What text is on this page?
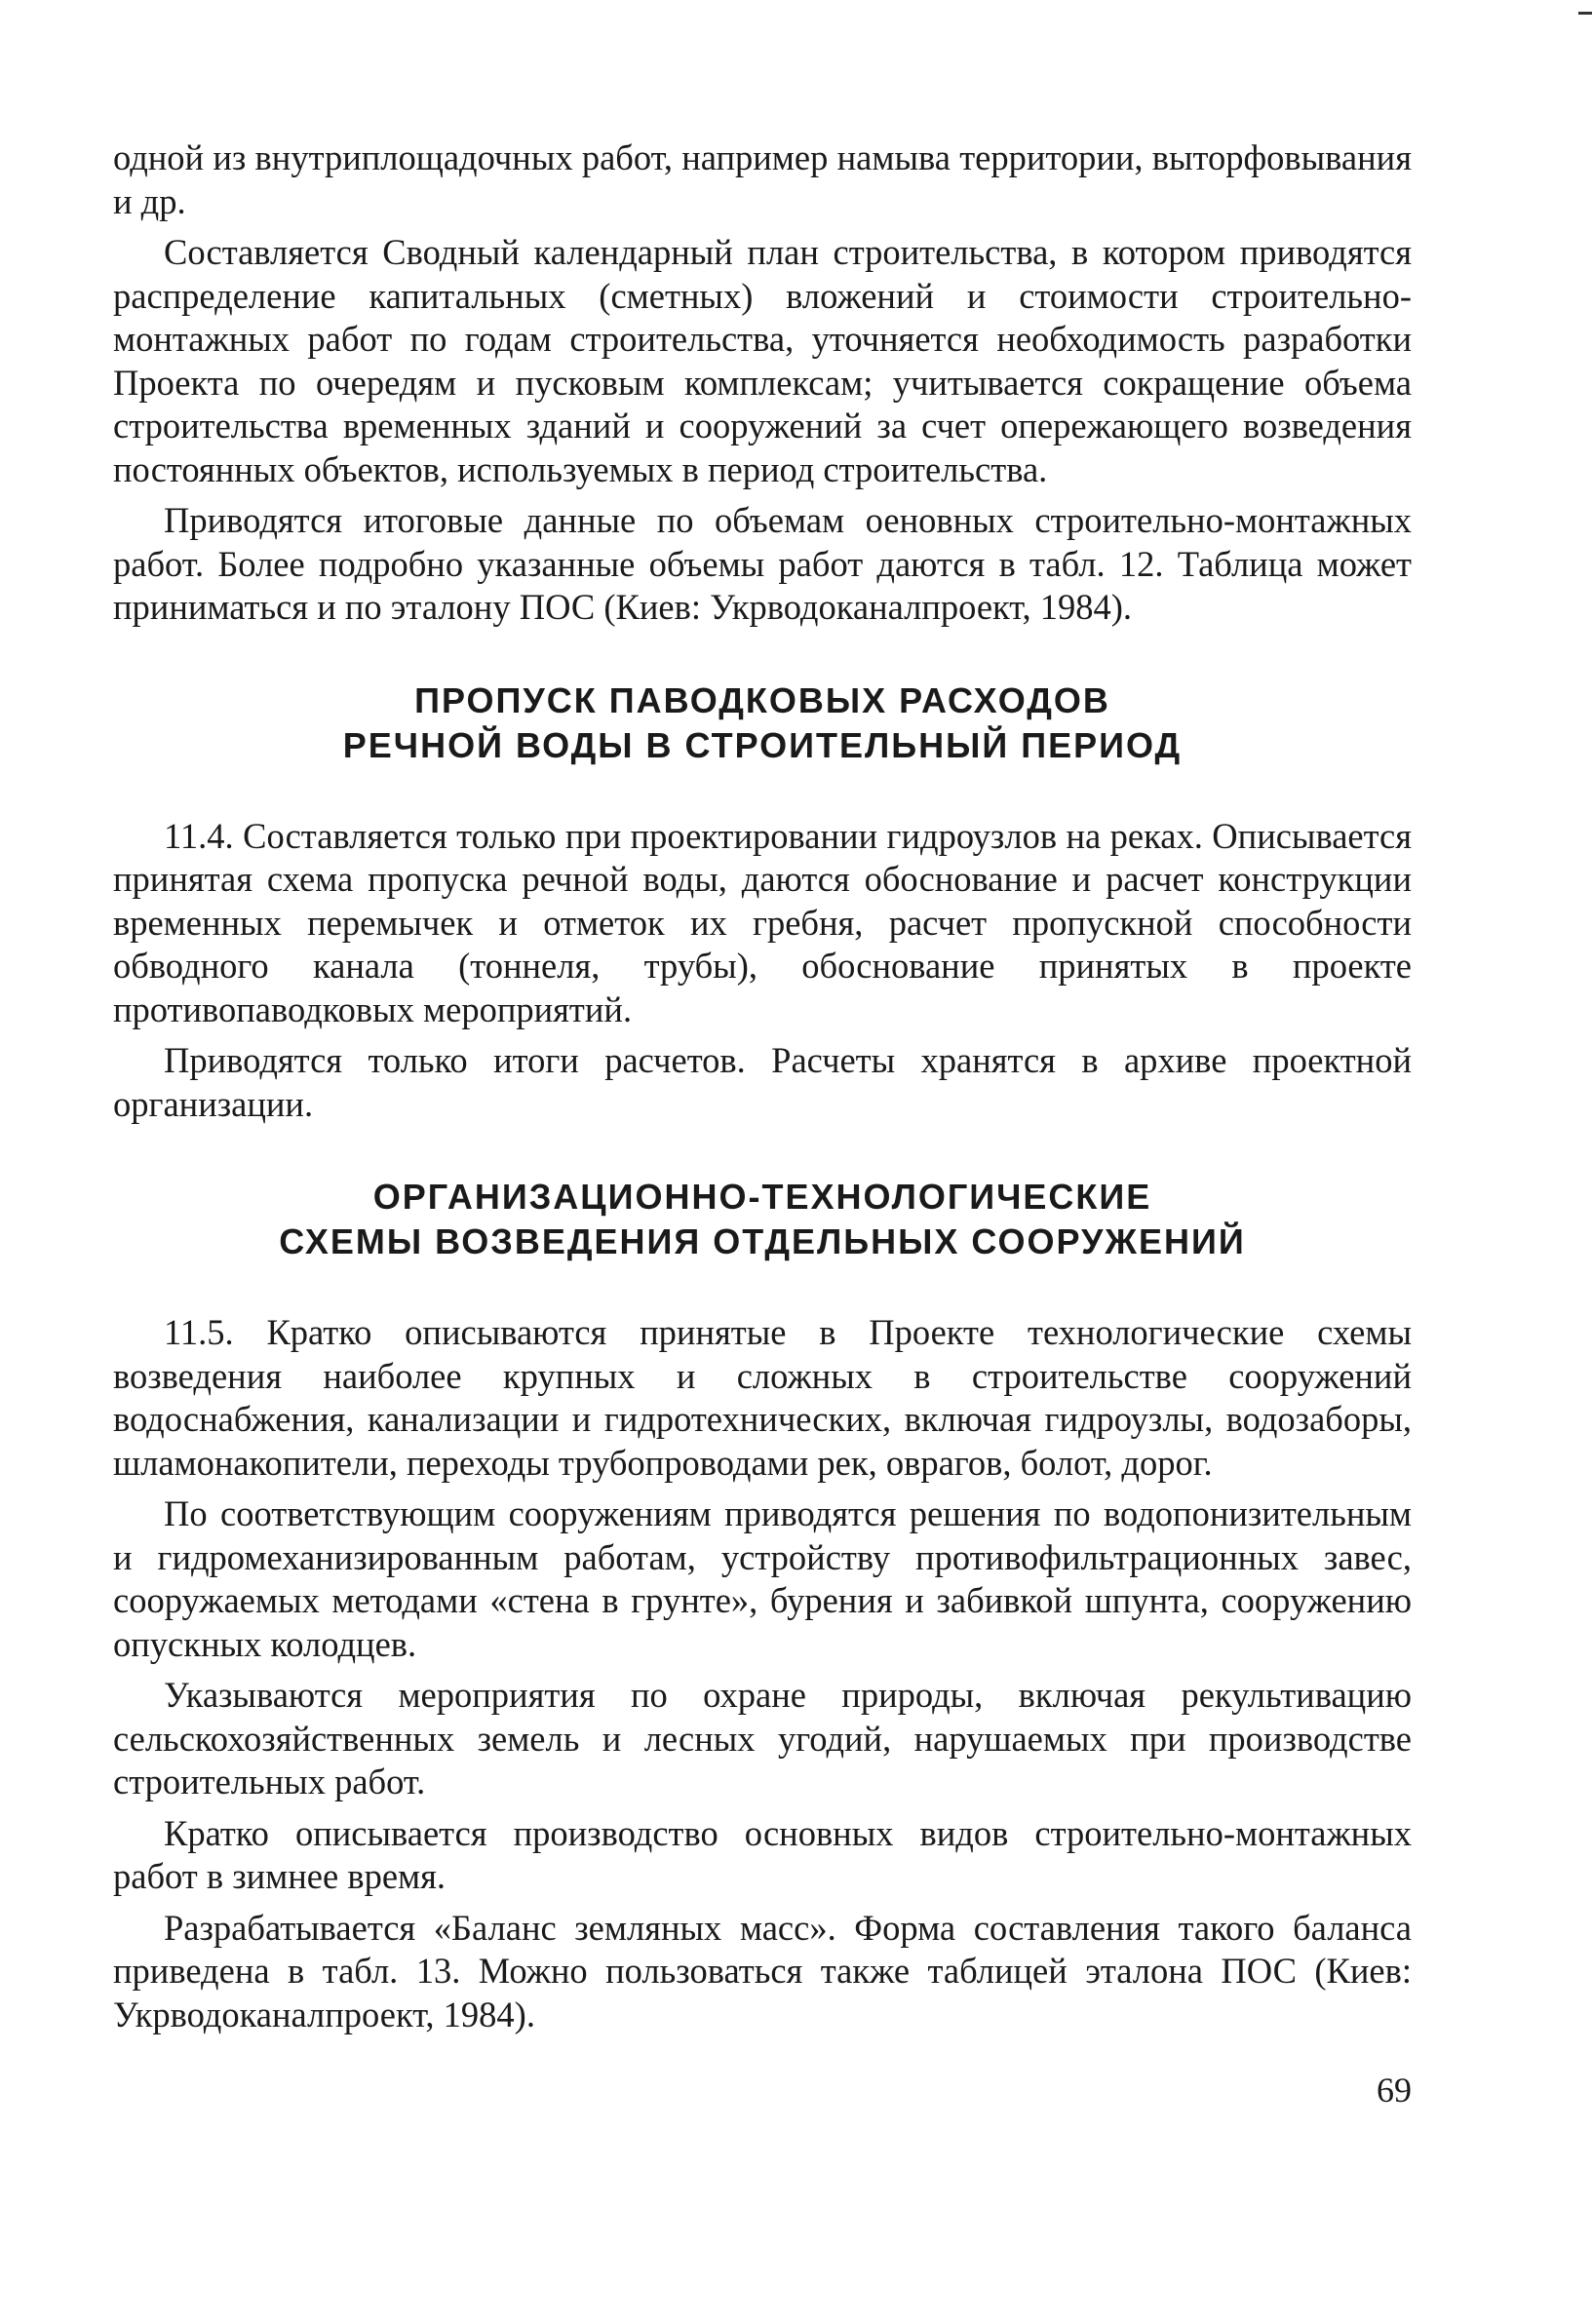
одной из внутриплощадочных работ, например намыва территории, выторфовывания и др.

Составляется Сводный календарный план строительства, в котором приводятся распределение капитальных (сметных) вложений и стоимости строительно-монтажных работ по годам строительства, уточняется необходимость разработки Проекта по очередям и пусковым комплексам; учитывается сокращение объема строительства временных зданий и сооружений за счет опережающего возведения постоянных объектов, используемых в период строительства.

Приводятся итоговые данные по объемам оеновных строительно-монтажных работ. Более подробно указанные объемы работ даются в табл. 12. Таблица может приниматься и по эталону ПОС (Киев: Укрводоканалпроект, 1984).

ПРОПУСК ПАВОДКОВЫХ РАСХОДОВ
РЕЧНОЙ ВОДЫ В СТРОИТЕЛЬНЫЙ ПЕРИОД

11.4. Составляется только при проектировании гидроузлов на реках. Описывается принятая схема пропуска речной воды, даются обоснование и расчет конструкции временных перемычек и отметок их гребня, расчет пропускной способности обводного канала (тоннеля, трубы), обоснование принятых в проекте противопаводковых мероприятий.

Приводятся только итоги расчетов. Расчеты хранятся в архиве проектной организации.

ОРГАНИЗАЦИОННО-ТЕХНОЛОГИЧЕСКИЕ
СХЕМЫ ВОЗВЕДЕНИЯ ОТДЕЛЬНЫХ СООРУЖЕНИЙ

11.5. Кратко описываются принятые в Проекте технологические схемы возведения наиболее крупных и сложных в строительстве сооружений водоснабжения, канализации и гидротехнических, включая гидроузлы, водозаборы, шламонакопители, переходы трубопроводами рек, оврагов, болот, дорог.

По соответствующим сооружениям приводятся решения по водопонизительным и гидромеханизированным работам, устройству противофильтрационных завес, сооружаемых методами «стена в грунте», бурения и забивкой шпунта, сооружению опускных колодцев.

Указываются мероприятия по охране природы, включая рекультивацию сельскохозяйственных земель и лесных угодий, нарушаемых при производстве строительных работ.

Кратко описывается производство основных видов строительно-монтажных работ в зимнее время.

Разрабатывается «Баланс земляных масс». Форма составления такого баланса приведена в табл. 13. Можно пользоваться также таблицей эталона ПОС (Киев: Укрводоканалпроект, 1984).

69
